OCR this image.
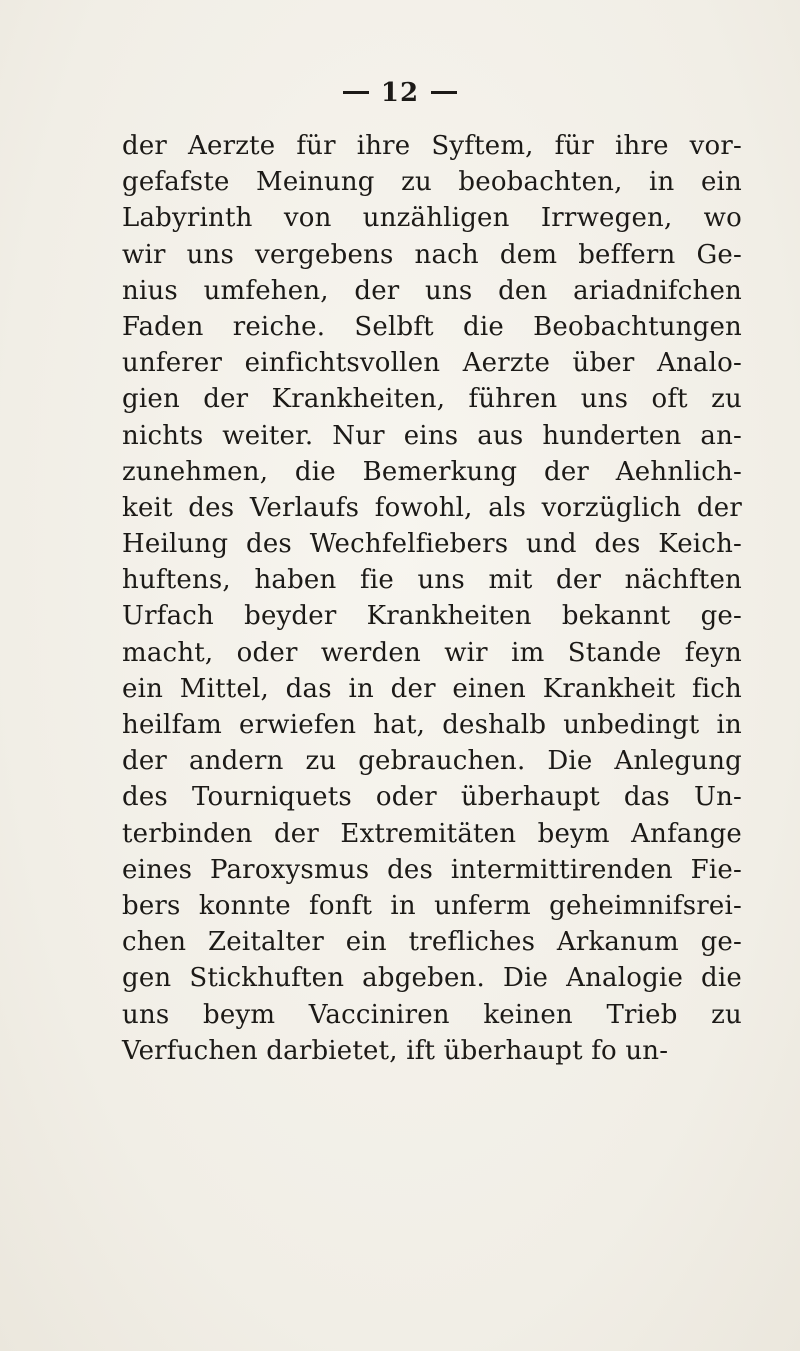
12
der Aerzte für ihre Syftem, für ihre vor-
gefafste Meinung zu beobachten, in ein
Labyrinth von unzähligen Irrwegen, wo
wir uns vergebens nach dem beffern Ge-
nius umfehen, der uns den ariadnifchen
Faden reiche. Selbft die Beobachtungen
unferer einfichtsvollen Aerzte über Analo-
gien der Krankheiten, führen uns oft zu
nichts weiter. Nur eins aus hunderten an-
zunehmen, die Bemerkung der Aehnlich-
keit des Verlaufs fowohl, als vorzüglich der
Heilung des Wechfelfiebers und des Keich-
huftens, haben fie uns mit der nächften
Urfach beyder Krankheiten bekannt ge-
macht, oder werden wir im Stande feyn
ein Mittel, das in der einen Krankheit fich
heilfam erwiefen hat, deshalb unbedingt in
der andern zu gebrauchen. Die Anlegung
des Tourniquets oder überhaupt das Un-
terbinden der Extremitäten beym Anfange
eines Paroxysmus des intermittirenden Fie-
bers konnte fonft in unferm geheimnifsrei-
chen Zeitalter ein trefliches Arkanum ge-
gen Stickhuften abgeben. Die Analogie die
uns beym Vacciniren keinen Trieb zu
Verfuchen darbietet, ift überhaupt fo un-
